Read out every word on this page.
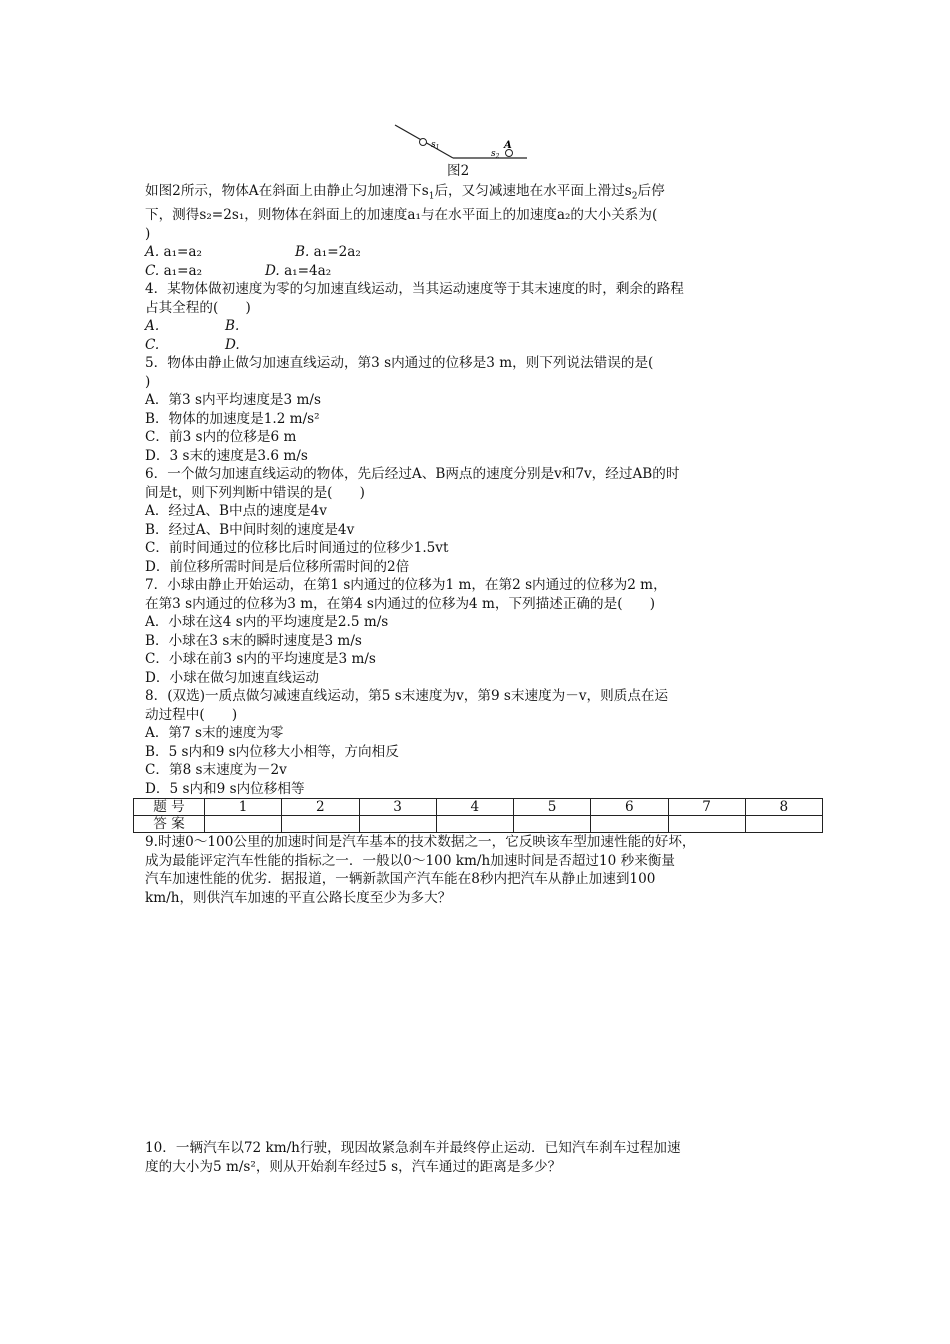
$s_1$
$s_2$
A
图2

如图2所示，物体A在斜面上由静止匀加速滑下$s_1$后，又匀减速地在水平面上滑过$s_2$后停

下，测得s₂=2s₁，则物体在斜面上的加速度a₁与在水平面上的加速度a₂的大小关系为(

)

A. a₁=a₂	B. a₁=2a₂
C. a₁=a₂	D. a₁=4a₂

4．某物体做初速度为零的匀加速直线运动，当其运动速度等于其末速度的时，剩余的路程

占其全程的(　　)

A.	B.
C.	D.

5．物体由静止做匀加速直线运动，第3 s内通过的位移是3 m，则下列说法错误的是(

)

A．第3 s内平均速度是3 m/s

B．物体的加速度是1.2 m/s²

C．前3 s内的位移是6 m

D．3 s末的速度是3.6 m/s

6．一个做匀加速直线运动的物体，先后经过A、B两点的速度分别是v和7v，经过AB的时

间是t，则下列判断中错误的是(　　)

A．经过A、B中点的速度是4v

B．经过A、B中间时刻的速度是4v

C．前时间通过的位移比后时间通过的位移少1.5vt

D．前位移所需时间是后位移所需时间的2倍

7．小球由静止开始运动，在第1 s内通过的位移为1 m，在第2 s内通过的位移为2 m，

在第3 s内通过的位移为3 m，在第4 s内通过的位移为4 m，下列描述正确的是(　　)

A．小球在这4 s内的平均速度是2.5 m/s

B．小球在3 s末的瞬时速度是3 m/s

C．小球在前3 s内的平均速度是3 m/s

D．小球在做匀加速直线运动

8．(双选)一质点做匀减速直线运动，第5 s末速度为v，第9 s末速度为－v，则质点在运

动过程中(　　)

A．第7 s末的速度为零

B．5 s内和9 s内位移大小相等，方向相反

C．第8 s末速度为－2v

D．5 s内和9 s内位移相等

题 号	1	2	3	4	5	6	7	8
答 案								

9.时速0～100公里的加速时间是汽车基本的技术数据之一，它反映该车型加速性能的好坏，

成为最能评定汽车性能的指标之一．一般以0～100 km/h加速时间是否超过10 秒来衡量

汽车加速性能的优劣．据报道，一辆新款国产汽车能在8秒内把汽车从静止加速到100

km/h，则供汽车加速的平直公路长度至少为多大？

10．一辆汽车以72 km/h行驶，现因故紧急刹车并最终停止运动．已知汽车刹车过程加速

度的大小为5 m/s²，则从开始刹车经过5 s，汽车通过的距离是多少？
